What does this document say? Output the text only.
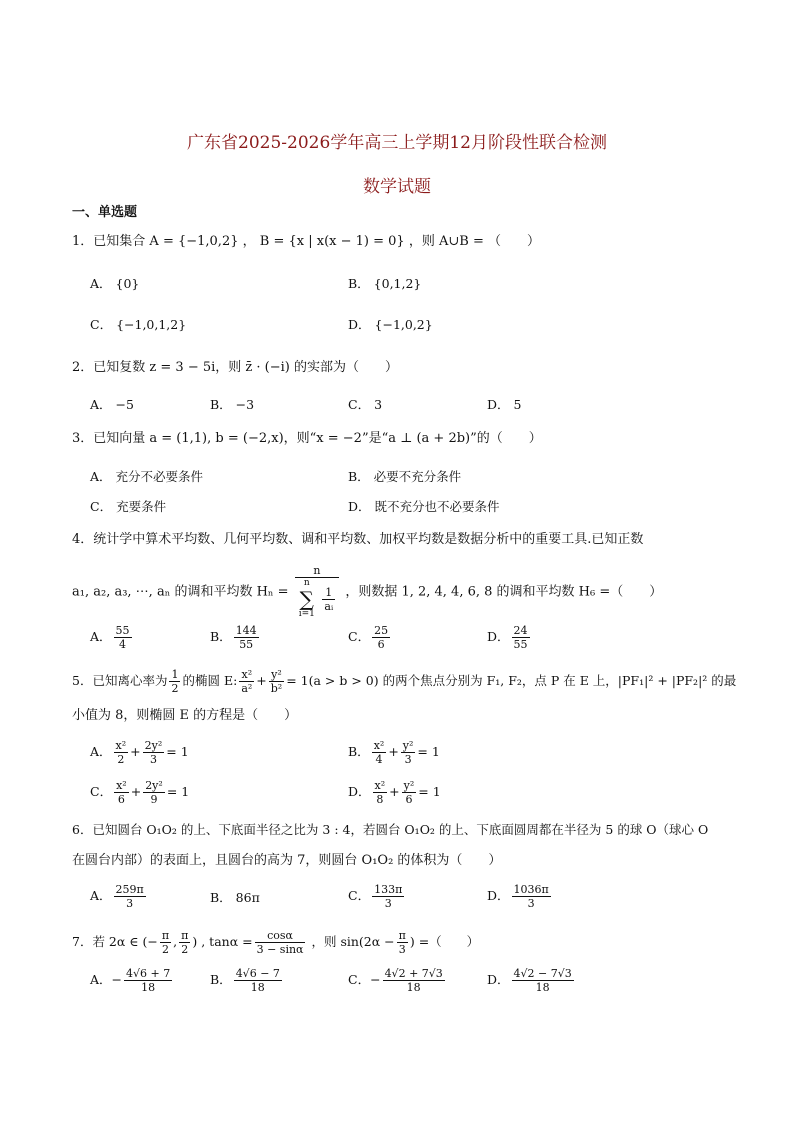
广东省2025-2026学年高三上学期12月阶段性联合检测
数学试题
一、单选题
1．已知集合 A = {−1,0,2} ， B = {x | x(x − 1) = 0} ，则 A∪B = （　　）
A． {0}	B． {0,1,2}
C． {−1,0,1,2}	D． {−1,0,2}
2．已知复数 z = 3 − 5i，则 z̄ · (−i) 的实部为（　　）
A． −5	B． −3	C． 3	D． 5
3．已知向量 a = (1,1), b = (−2,x)，则“x = −2”是“a ⊥ (a + 2b)”的（　　）
A． 充分不必要条件	B． 必要不充分条件
C． 充要条件	D． 既不充分也不必要条件
4．统计学中算术平均数、几何平均数、调和平均数、加权平均数是数据分析中的重要工具.已知正数
a₁, a₂, a₃, ⋯, aₙ 的调和平均数 Hₙ = n
n
∑
i=1
$\frac{1}{\text{aᵢ}}$ ，则数据 1, 2, 4, 4, 6, 8 的调和平均数 H₆ =（　　）
A． $\frac{55}{4}$	B． $\frac{144}{55}$	C． $\frac{25}{6}$	D． $\frac{24}{55}$
5．已知离心率为 $\frac{1}{2}$ 的椭圆 E: $\frac{\text{x²}}{\text{a²}} + \frac{\text{y²}}{\text{b²}} = 1(a > b > 0)$ 的两个焦点分别为 F₁, F₂，点 P 在 E 上，|PF₁|² + |PF₂|² 的最
小值为 8，则椭圆 E 的方程是（　　）
A． $\frac{\text{x²}}{2} + \frac{\text{2y²}}{3} = 1$	B． $\frac{\text{x²}}{4} + \frac{\text{y²}}{3} = 1$
C． $\frac{\text{x²}}{6} + \frac{\text{2y²}}{9} = 1$	D． $\frac{\text{x²}}{8} + \frac{\text{y²}}{6} = 1$
6．已知圆台 O₁O₂ 的上、下底面半径之比为 3 : 4，若圆台 O₁O₂ 的上、下底面圆周都在半径为 5 的球 O（球心 O
在圆台内部）的表面上，且圆台的高为 7，则圆台 O₁O₂ 的体积为（　　）
A． $\frac{259\pi}{3}$	B． 86π	C． $\frac{133\pi}{3}$	D． $\frac{1036\pi}{3}$
7．若 2α ∈ (− $\frac{\pi}{2}$ , $\frac{\pi}{2}$ ) , $\tan\alpha = \frac{\cos\alpha}{3 - \sin\alpha}$ ，则 $\sin(2\alpha - \frac{\pi}{3}$ ) =（　　）
A．− $\frac{4√6 + 7}{18}$	B． $\frac{4√6 - 7}{18}$	C．− $\frac{4√2 + 7√3}{18}$	D． $\frac{4√2 - 7√3}{18}$
